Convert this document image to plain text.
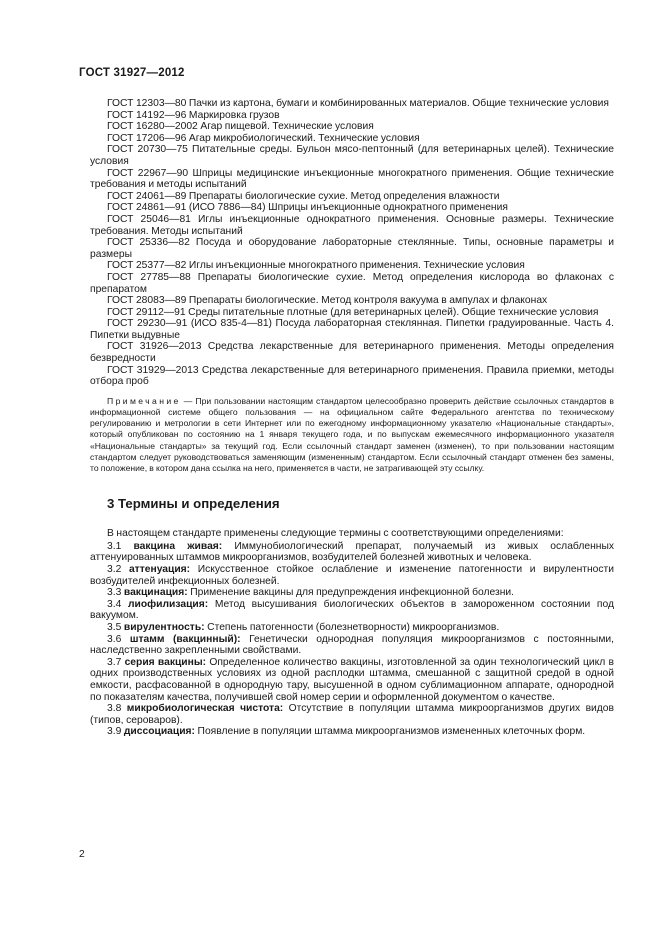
ГОСТ 31927—2012

ГОСТ 12303—80 Пачки из картона, бумаги и комбинированных материалов. Общие технические условия

ГОСТ 14192—96 Маркировка грузов

ГОСТ 16280—2002 Агар пищевой. Технические условия

ГОСТ 17206—96 Агар микробиологический. Технические условия

ГОСТ 20730—75 Питательные среды. Бульон мясо-пептонный (для ветеринарных целей). Технические условия

ГОСТ 22967—90 Шприцы медицинские инъекционные многократного применения. Общие технические требования и методы испытаний

ГОСТ 24061—89 Препараты биологические сухие. Метод определения влажности

ГОСТ 24861—91 (ИСО 7886—84) Шприцы инъекционные однократного применения

ГОСТ 25046—81 Иглы инъекционные однократного применения. Основные размеры. Технические требования. Методы испытаний

ГОСТ 25336—82 Посуда и оборудование лабораторные стеклянные. Типы, основные параметры и размеры

ГОСТ 25377—82 Иглы инъекционные многократного применения. Технические условия

ГОСТ 27785—88 Препараты биологические сухие. Метод определения кислорода во флаконах с препаратом

ГОСТ 28083—89 Препараты биологические. Метод контроля вакуума в ампулах и флаконах

ГОСТ 29112—91 Среды питательные плотные (для ветеринарных целей). Общие технические условия

ГОСТ 29230—91 (ИСО 835-4—81) Посуда лабораторная стеклянная. Пипетки градуированные. Часть 4. Пипетки выдувные

ГОСТ 31926—2013 Средства лекарственные для ветеринарного применения. Методы определения безвредности

ГОСТ 31929—2013 Средства лекарственные для ветеринарного применения. Правила приемки, методы отбора проб

Примечание — При пользовании настоящим стандартом целесообразно проверить действие ссылочных стандартов в информационной системе общего пользования — на официальном сайте Федерального агентства по техническому регулированию и метрологии в сети Интернет или по ежегодному информационному указателю «Национальные стандарты», который опубликован по состоянию на 1 января текущего года, и по выпускам ежемесячного информационного указателя «Национальные стандарты» за текущий год. Если ссылочный стандарт заменен (изменен), то при пользовании настоящим стандартом следует руководствоваться заменяющим (измененным) стандартом. Если ссылочный стандарт отменен без замены, то положение, в котором дана ссылка на него, применяется в части, не затрагивающей эту ссылку.

3 Термины и определения

В настоящем стандарте применены следующие термины с соответствующими определениями:

3.1 вакцина живая: Иммунобиологический препарат, получаемый из живых ослабленных аттенуированных штаммов микроорганизмов, возбудителей болезней животных и человека.

3.2 аттенуация: Искусственное стойкое ослабление и изменение патогенности и вирулентности возбудителей инфекционных болезней.

3.3 вакцинация: Применение вакцины для предупреждения инфекционной болезни.

3.4 лиофилизация: Метод высушивания биологических объектов в замороженном состоянии под вакуумом.

3.5 вирулентность: Степень патогенности (болезнетворности) микроорганизмов.

3.6 штамм (вакцинный): Генетически однородная популяция микроорганизмов с постоянными, наследственно закрепленными свойствами.

3.7 серия вакцины: Определенное количество вакцины, изготовленной за один технологический цикл в одних производственных условиях из одной расплодки штамма, смешанной с защитной средой в одной емкости, расфасованной в однородную тару, высушенной в одном сублимационном аппарате, однородной по показателям качества, получившей свой номер серии и оформленной документом о качестве.

3.8 микробиологическая чистота: Отсутствие в популяции штамма микроорганизмов других видов (типов, сероваров).

3.9 диссоциация: Появление в популяции штамма микроорганизмов измененных клеточных форм.

2
